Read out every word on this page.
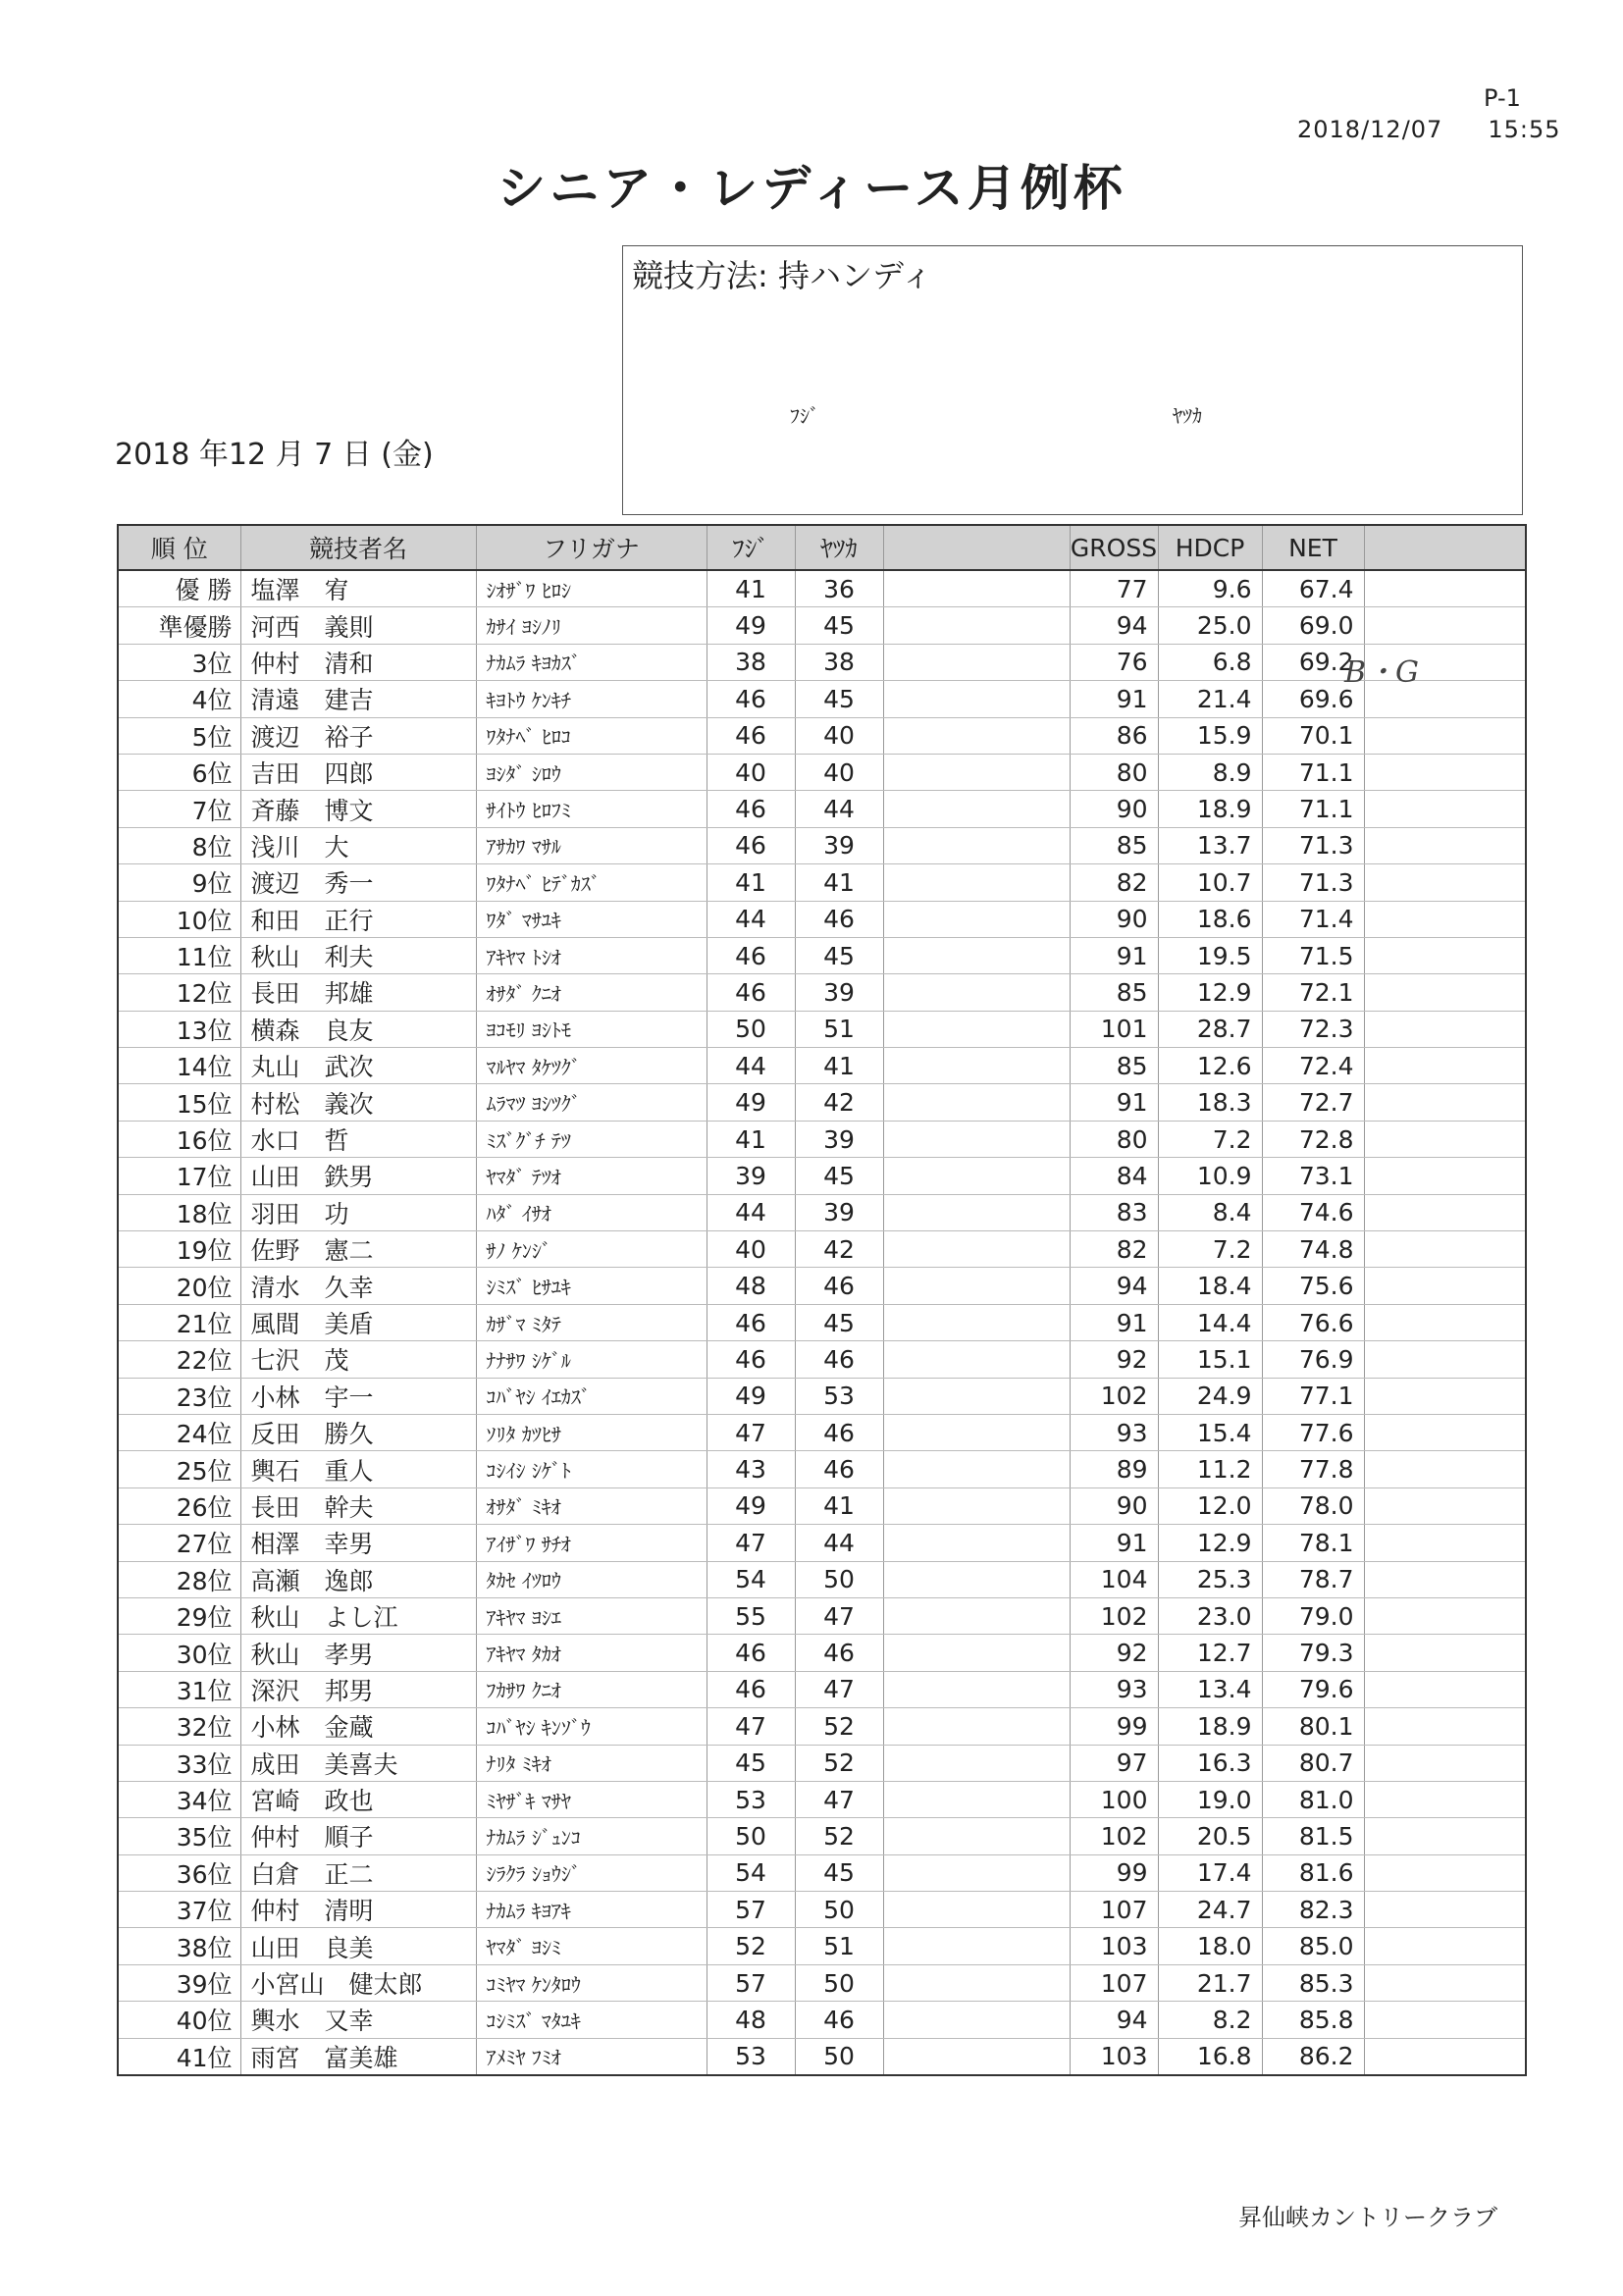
P-1
2018/12/07 15:55
シニア・レディース月例杯
競技方法: 持ハンディ
ﾌｼﾞ	ﾔﾂｶ
2018 年12 月 7 日 (金)
順 位	競技者名	フリガナ	ﾌｼﾞ	ﾔﾂｶ		GROSS	HDCP	NET	
優 勝	塩澤　宥	ｼｵｻﾞﾜ ﾋﾛｼ	41	36		77	9.6	67.4	
準優勝	河西　義則	ｶｻｲ ﾖｼﾉﾘ	49	45		94	25.0	69.0	
3位	仲村　清和	ﾅｶﾑﾗ ｷﾖｶｽﾞ	38	38		76	6.8	69.2	
4位	清遠　建吉	ｷﾖﾄｳ ｹﾝｷﾁ	46	45		91	21.4	69.6	
5位	渡辺　裕子	ﾜﾀﾅﾍﾞ ﾋﾛｺ	46	40		86	15.9	70.1	
6位	吉田　四郎	ﾖｼﾀﾞ ｼﾛｳ	40	40		80	8.9	71.1	
7位	斉藤　博文	ｻｲﾄｳ ﾋﾛﾌﾐ	46	44		90	18.9	71.1	
8位	浅川　大	ｱｻｶﾜ ﾏｻﾙ	46	39		85	13.7	71.3	
9位	渡辺　秀一	ﾜﾀﾅﾍﾞ ﾋﾃﾞｶｽﾞ	41	41		82	10.7	71.3	
10位	和田　正行	ﾜﾀﾞ ﾏｻﾕｷ	44	46		90	18.6	71.4	
11位	秋山　利夫	ｱｷﾔﾏ ﾄｼｵ	46	45		91	19.5	71.5	
12位	長田　邦雄	ｵｻﾀﾞ ｸﾆｵ	46	39		85	12.9	72.1	
13位	横森　良友	ﾖｺﾓﾘ ﾖｼﾄﾓ	50	51		101	28.7	72.3	
14位	丸山　武次	ﾏﾙﾔﾏ ﾀｹﾂｸﾞ	44	41		85	12.6	72.4	
15位	村松　義次	ﾑﾗﾏﾂ ﾖｼﾂｸﾞ	49	42		91	18.3	72.7	
16位	水口　哲	ﾐｽﾞｸﾞﾁ ﾃﾂ	41	39		80	7.2	72.8	
17位	山田　鉄男	ﾔﾏﾀﾞ ﾃﾂｵ	39	45		84	10.9	73.1	
18位	羽田　功	ﾊﾀﾞ ｲｻｵ	44	39		83	8.4	74.6	
19位	佐野　憲二	ｻﾉ ｹﾝｼﾞ	40	42		82	7.2	74.8	
20位	清水　久幸	ｼﾐｽﾞ ﾋｻﾕｷ	48	46		94	18.4	75.6	
21位	風間　美盾	ｶｻﾞﾏ ﾐﾀﾃ	46	45		91	14.4	76.6	
22位	七沢　茂	ﾅﾅｻﾜ ｼｹﾞﾙ	46	46		92	15.1	76.9	
23位	小林　宇一	ｺﾊﾞﾔｼ ｲｴｶｽﾞ	49	53		102	24.9	77.1	
24位	反田　勝久	ｿﾘﾀ ｶﾂﾋｻ	47	46		93	15.4	77.6	
25位	輿石　重人	ｺｼｲｼ ｼｹﾞﾄ	43	46		89	11.2	77.8	
26位	長田　幹夫	ｵｻﾀﾞ ﾐｷｵ	49	41		90	12.0	78.0	
27位	相澤　幸男	ｱｲｻﾞﾜ ｻﾁｵ	47	44		91	12.9	78.1	
28位	高瀬　逸郎	ﾀｶｾ ｲﾂﾛｳ	54	50		104	25.3	78.7	
29位	秋山　よし江	ｱｷﾔﾏ ﾖｼｴ	55	47		102	23.0	79.0	
30位	秋山　孝男	ｱｷﾔﾏ ﾀｶｵ	46	46		92	12.7	79.3	
31位	深沢　邦男	ﾌｶｻﾜ ｸﾆｵ	46	47		93	13.4	79.6	
32位	小林　金蔵	ｺﾊﾞﾔｼ ｷﾝｿﾞｳ	47	52		99	18.9	80.1	
33位	成田　美喜夫	ﾅﾘﾀ ﾐｷｵ	45	52		97	16.3	80.7	
34位	宮崎　政也	ﾐﾔｻﾞｷ ﾏｻﾔ	53	47		100	19.0	81.0	
35位	仲村　順子	ﾅｶﾑﾗ ｼﾞｭﾝｺ	50	52		102	20.5	81.5	
36位	白倉　正二	ｼﾗｸﾗ ｼｮｳｼﾞ	54	45		99	17.4	81.6	
37位	仲村　清明	ﾅｶﾑﾗ ｷﾖｱｷ	57	50		107	24.7	82.3	
38位	山田　良美	ﾔﾏﾀﾞ ﾖｼﾐ	52	51		103	18.0	85.0	
39位	小宮山　健太郎	ｺﾐﾔﾏ ｹﾝﾀﾛｳ	57	50		107	21.7	85.3	
40位	輿水　又幸	ｺｼﾐｽﾞ ﾏﾀﾕｷ	48	46		94	8.2	85.8	
41位	雨宮　富美雄	ｱﾒﾐﾔ ﾌﾐｵ	53	50		103	16.8	86.2	
B・G
昇仙峡カントリークラブ
